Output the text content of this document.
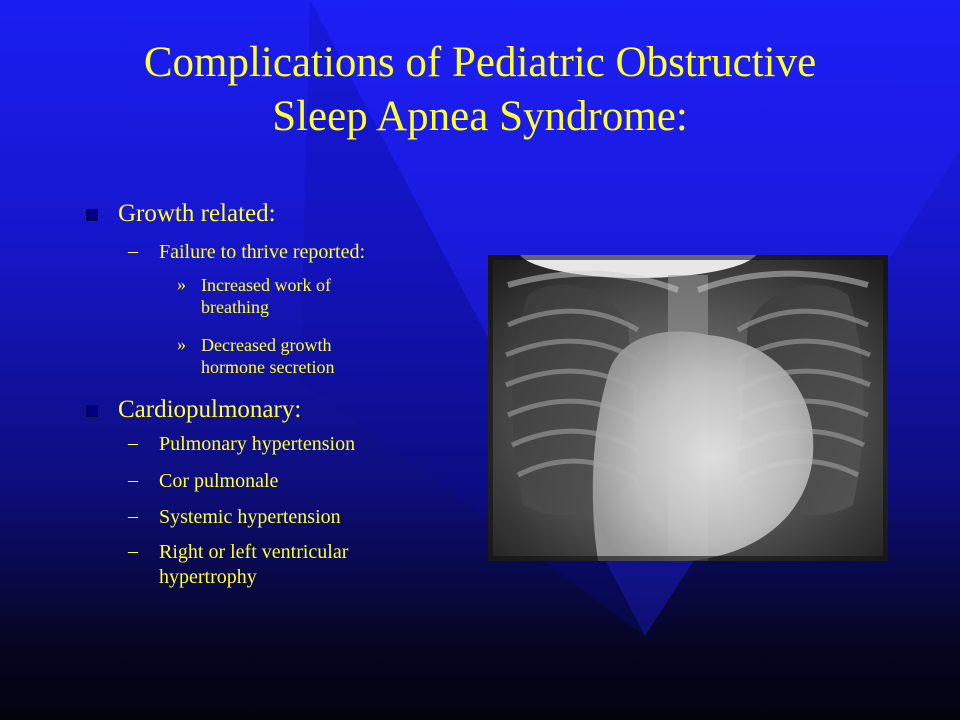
Complications of Pediatric Obstructive
Sleep Apnea Syndrome:
Growth related:
– Failure to thrive reported:
» Increased work of
breathing
» Decreased growth
hormone secretion
Cardiopulmonary:
– Pulmonary hypertension
– Cor pulmonale
– Systemic hypertension
– Right or left ventricular
hypertrophy
